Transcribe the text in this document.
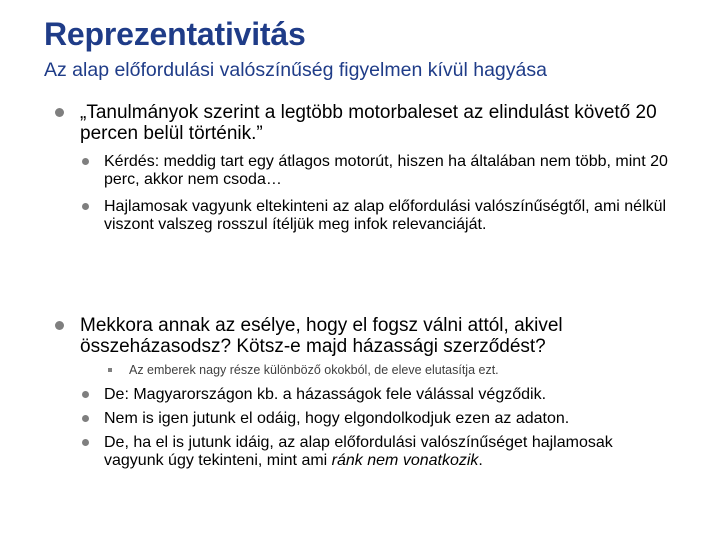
Reprezentativitás
Az alap előfordulási valószínűség figyelmen kívül hagyása
„Tanulmányok szerint a legtöbb motorbaleset az elindulást követő 20 percen belül történik.”
Kérdés: meddig tart egy átlagos motorút, hiszen ha általában nem több, mint 20 perc, akkor nem csoda…
Hajlamosak vagyunk eltekinteni az alap előfordulási valószínűségtől, ami nélkül viszont valszeg rosszul ítéljük meg infok relevanciáját.
Mekkora annak az esélye, hogy el fogsz válni attól, akivel összeházasodsz? Kötsz-e majd házassági szerződést?
Az emberek nagy része különböző okokból, de eleve elutasítja ezt.
De: Magyarországon kb. a házasságok fele válással végződik.
Nem is igen jutunk el odáig, hogy elgondolkodjuk ezen az adaton.
De, ha el is jutunk idáig, az alap előfordulási valószínűséget hajlamosak vagyunk úgy tekinteni, mint ami ránk nem vonatkozik.
